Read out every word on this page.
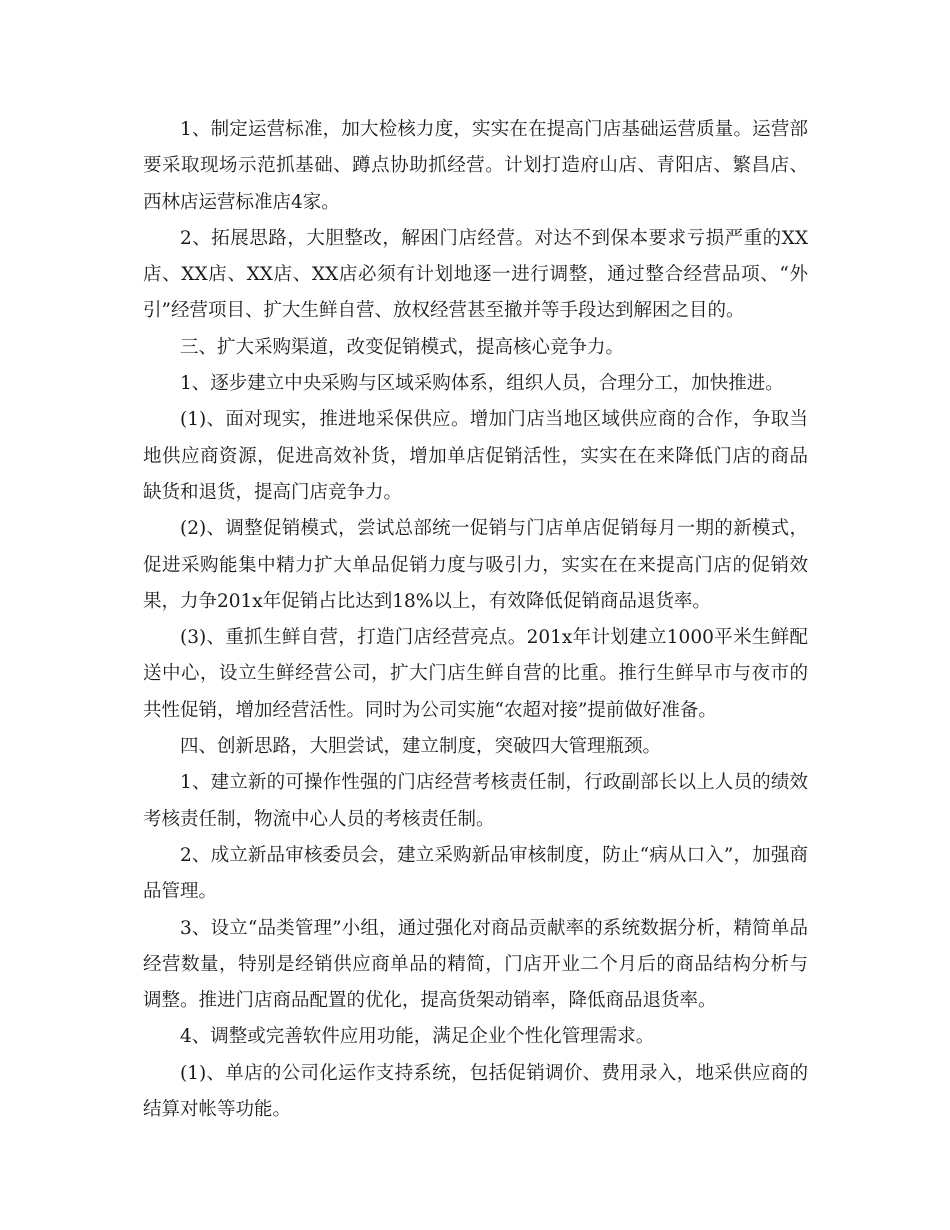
1、制定运营标准，加大检核力度，实实在在提高门店基础运营质量。运营部要采取现场示范抓基础、蹲点协助抓经营。计划打造府山店、青阳店、繁昌店、西林店运营标准店4家。

2、拓展思路，大胆整改，解困门店经营。对达不到保本要求亏损严重的XX店、XX店、XX店、XX店必须有计划地逐一进行调整，通过整合经营品项、“外引”经营项目、扩大生鲜自营、放权经营甚至撤并等手段达到解困之目的。

三、扩大采购渠道，改变促销模式，提高核心竞争力。

1、逐步建立中央采购与区域采购体系，组织人员，合理分工，加快推进。

(1)、面对现实，推进地采保供应。增加门店当地区域供应商的合作，争取当地供应商资源，促进高效补货，增加单店促销活性，实实在在来降低门店的商品缺货和退货，提高门店竞争力。

(2)、调整促销模式，尝试总部统一促销与门店单店促销每月一期的新模式，促进采购能集中精力扩大单品促销力度与吸引力，实实在在来提高门店的促销效果，力争201x年促销占比达到18%以上，有效降低促销商品退货率。

(3)、重抓生鲜自营，打造门店经营亮点。201x年计划建立1000平米生鲜配送中心，设立生鲜经营公司，扩大门店生鲜自营的比重。推行生鲜早市与夜市的共性促销，增加经营活性。同时为公司实施“农超对接”提前做好准备。

四、创新思路，大胆尝试，建立制度，突破四大管理瓶颈。

1、建立新的可操作性强的门店经营考核责任制，行政副部长以上人员的绩效考核责任制，物流中心人员的考核责任制。

2、成立新品审核委员会，建立采购新品审核制度，防止“病从口入”，加强商品管理。

3、设立“品类管理”小组，通过强化对商品贡献率的系统数据分析，精简单品经营数量，特别是经销供应商单品的精简，门店开业二个月后的商品结构分析与调整。推进门店商品配置的优化，提高货架动销率，降低商品退货率。

4、调整或完善软件应用功能，满足企业个性化管理需求。

(1)、单店的公司化运作支持系统，包括促销调价、费用录入，地采供应商的结算对帐等功能。
